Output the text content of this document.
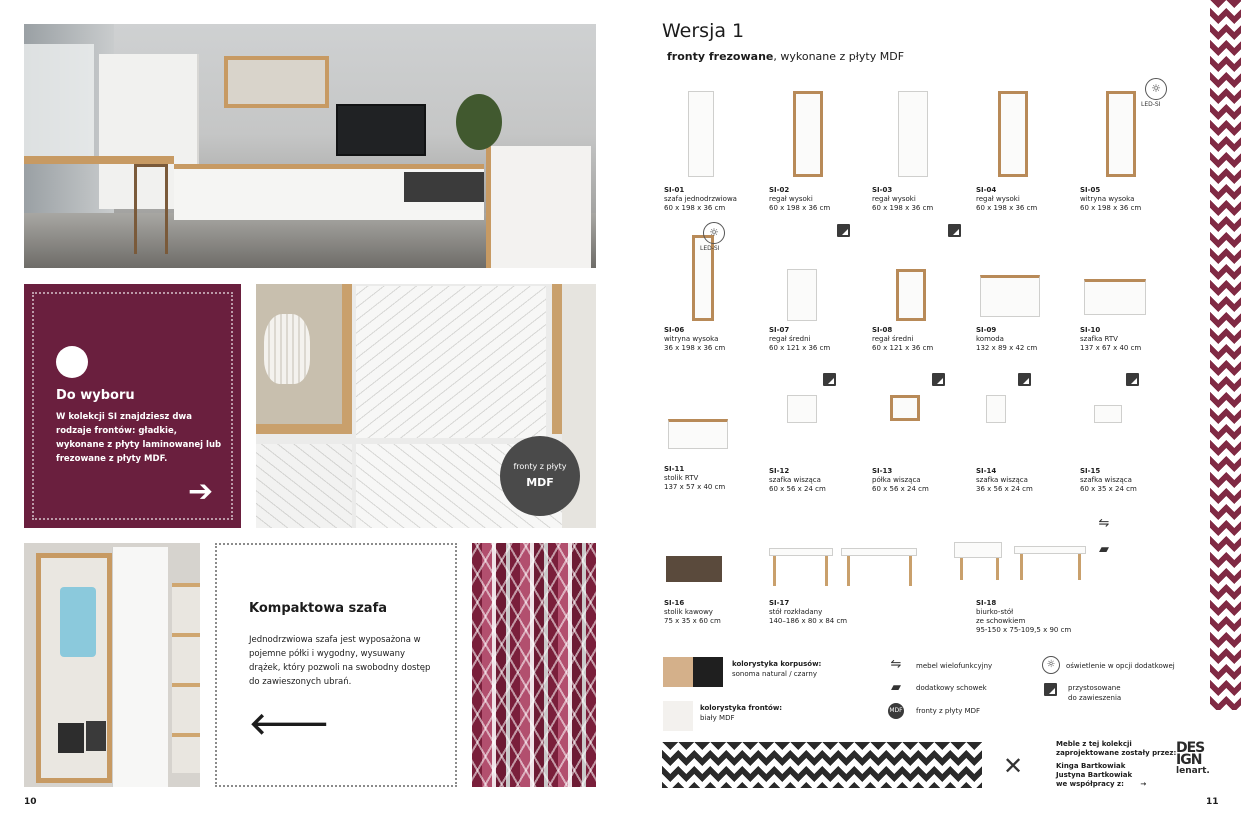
Do wyboru

W kolekcji SI znajdziesz dwa rodzaje frontów: gładkie, wykonane z płyty laminowanej lub frezowane z płyty MDF.

➔
fronty z płyty
MDF
Kompaktowa szafa

Jednodrzwiowa szafa jest wyposażona w pojemne półki i wygodny, wysuwany drążek, który pozwoli na swobodny dostęp do zawieszonych ubrań.

🡐
10
Wersja 1
fronty frezowane, wykonane z płyty MDF
SI-01
szafa jednodrzwiowa
60 x 198 x 36 cm
SI-02
regał wysoki
60 x 198 x 36 cm
SI-03
regał wysoki
60 x 198 x 36 cm
SI-04
regał wysoki
60 x 198 x 36 cm
SI-05
witryna wysoka
60 x 198 x 36 cm
☼
LED-SI
SI-06
witryna wysoka
36 x 198 x 36 cm
☼
LED-SI
SI-07
regał średni
60 x 121 x 36 cm
SI-08
regał średni
60 x 121 x 36 cm
SI-09
komoda
132 x 89 x 42 cm
SI-10
szafka RTV
137 x 67 x 40 cm
SI-11
stolik RTV
137 x 57 x 40 cm
SI-12
szafka wisząca
60 x 56 x 24 cm
SI-13
półka wisząca
60 x 56 x 24 cm
SI-14
szafka wisząca
36 x 56 x 24 cm
SI-15
szafka wisząca
60 x 35 x 24 cm
SI-16
stolik kawowy
75 x 35 x 60 cm
SI-17
stół rozkładany
140–186 x 80 x 84 cm
SI-18
biurko-stół
ze schowkiem
95-150 x 75-109,5 x 90 cm
⇋
▰
kolorystyka korpusów:
sonoma natural / czarny
kolorystyka frontów:
biały MDF
⇋	mebel wielofunkcyjny
▰	dodatkowy schowek
MDF fronty z płyty MDF
☼	oświetlenie w opcji dodatkowej
przystosowane
do zawieszenia
✕
Meble z tej kolekcji
zaprojektowane zostały przez:
Kinga Bartkowiak
Justyna Bartkowiak
we współpracy z: →
DES
IGN
lenart.
11
